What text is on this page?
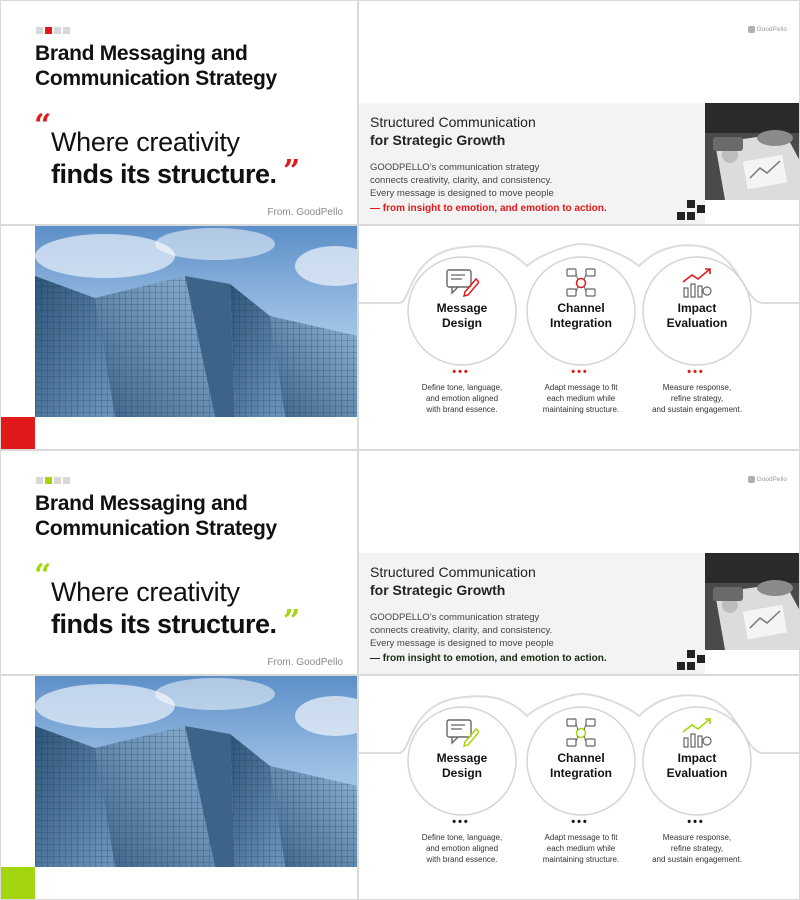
Brand Messaging and
Communication Strategy
“ Where creativity
finds its structure. ”
From. GoodPello
GoodPello
Structured Communication
for Strategic Growth
GOODPELLO’s communication strategy
connects creativity, clarity, and consistency.
Every message is designed to move people
— from insight to emotion, and emotion to action.
Message
Design
Channel
Integration
Impact
Evaluation
•••	•••	•••
Define tone, language,
and emotion aligned
with brand essence.
Adapt message to fit
each medium while
maintaining structure.
Measure response,
refine strategy,
and sustain engagement.
Brand Messaging and
Communication Strategy
“ Where creativity
finds its structure. ”
From. GoodPello
GoodPello
Structured Communication
for Strategic Growth
GOODPELLO’s communication strategy
connects creativity, clarity, and consistency.
Every message is designed to move people
— from insight to emotion, and emotion to action.
Message
Design
Channel
Integration
Impact
Evaluation
•••	•••	•••
Define tone, language,
and emotion aligned
with brand essence.
Adapt message to fit
each medium while
maintaining structure.
Measure response,
refine strategy,
and sustain engagement.
